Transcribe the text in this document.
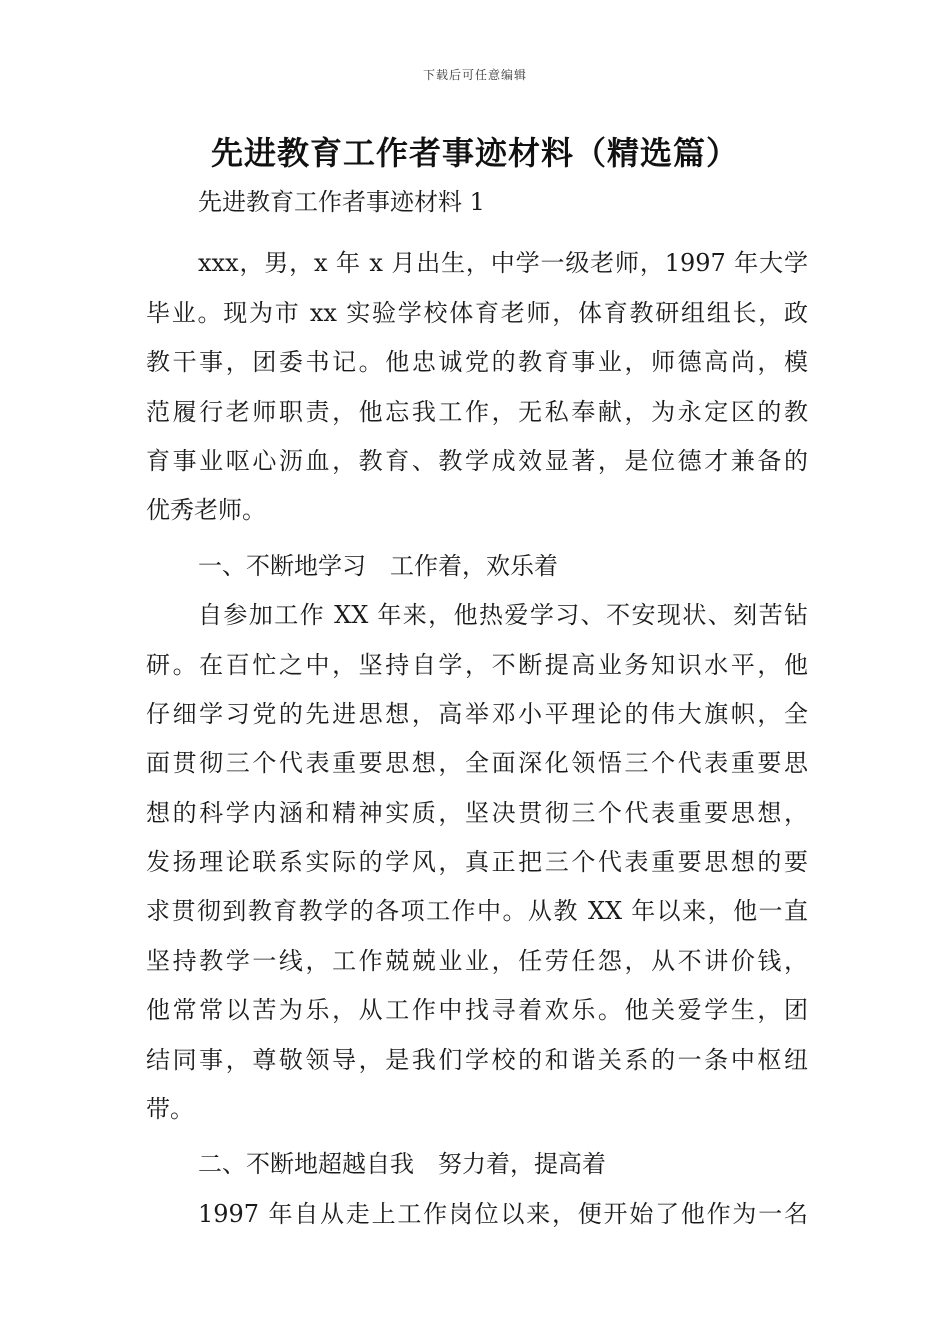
下载后可任意编辑
先进教育工作者事迹材料（精选篇）
先进教育工作者事迹材料 1
xxx，男，x 年 x 月出生，中学一级老师，1997 年大学
毕业。现为市 xx 实验学校体育老师，体育教研组组长，政
教干事，团委书记。他忠诚党的教育事业，师德高尚，模
范履行老师职责，他忘我工作，无私奉献，为永定区的教
育事业呕心沥血，教育、教学成效显著，是位德才兼备的
优秀老师。
一、不断地学习　工作着，欢乐着
自参加工作 XX 年来，他热爱学习、不安现状、刻苦钻
研。在百忙之中，坚持自学，不断提高业务知识水平，他
仔细学习党的先进思想，高举邓小平理论的伟大旗帜，全
面贯彻三个代表重要思想，全面深化领悟三个代表重要思
想的科学内涵和精神实质，坚决贯彻三个代表重要思想，
发扬理论联系实际的学风，真正把三个代表重要思想的要
求贯彻到教育教学的各项工作中。从教 XX 年以来，他一直
坚持教学一线，工作兢兢业业，任劳任怨，从不讲价钱，
他常常以苦为乐，从工作中找寻着欢乐。他关爱学生，团
结同事，尊敬领导，是我们学校的和谐关系的一条中枢纽
带。
二、不断地超越自我　努力着，提高着
1997 年自从走上工作岗位以来，便开始了他作为一名
